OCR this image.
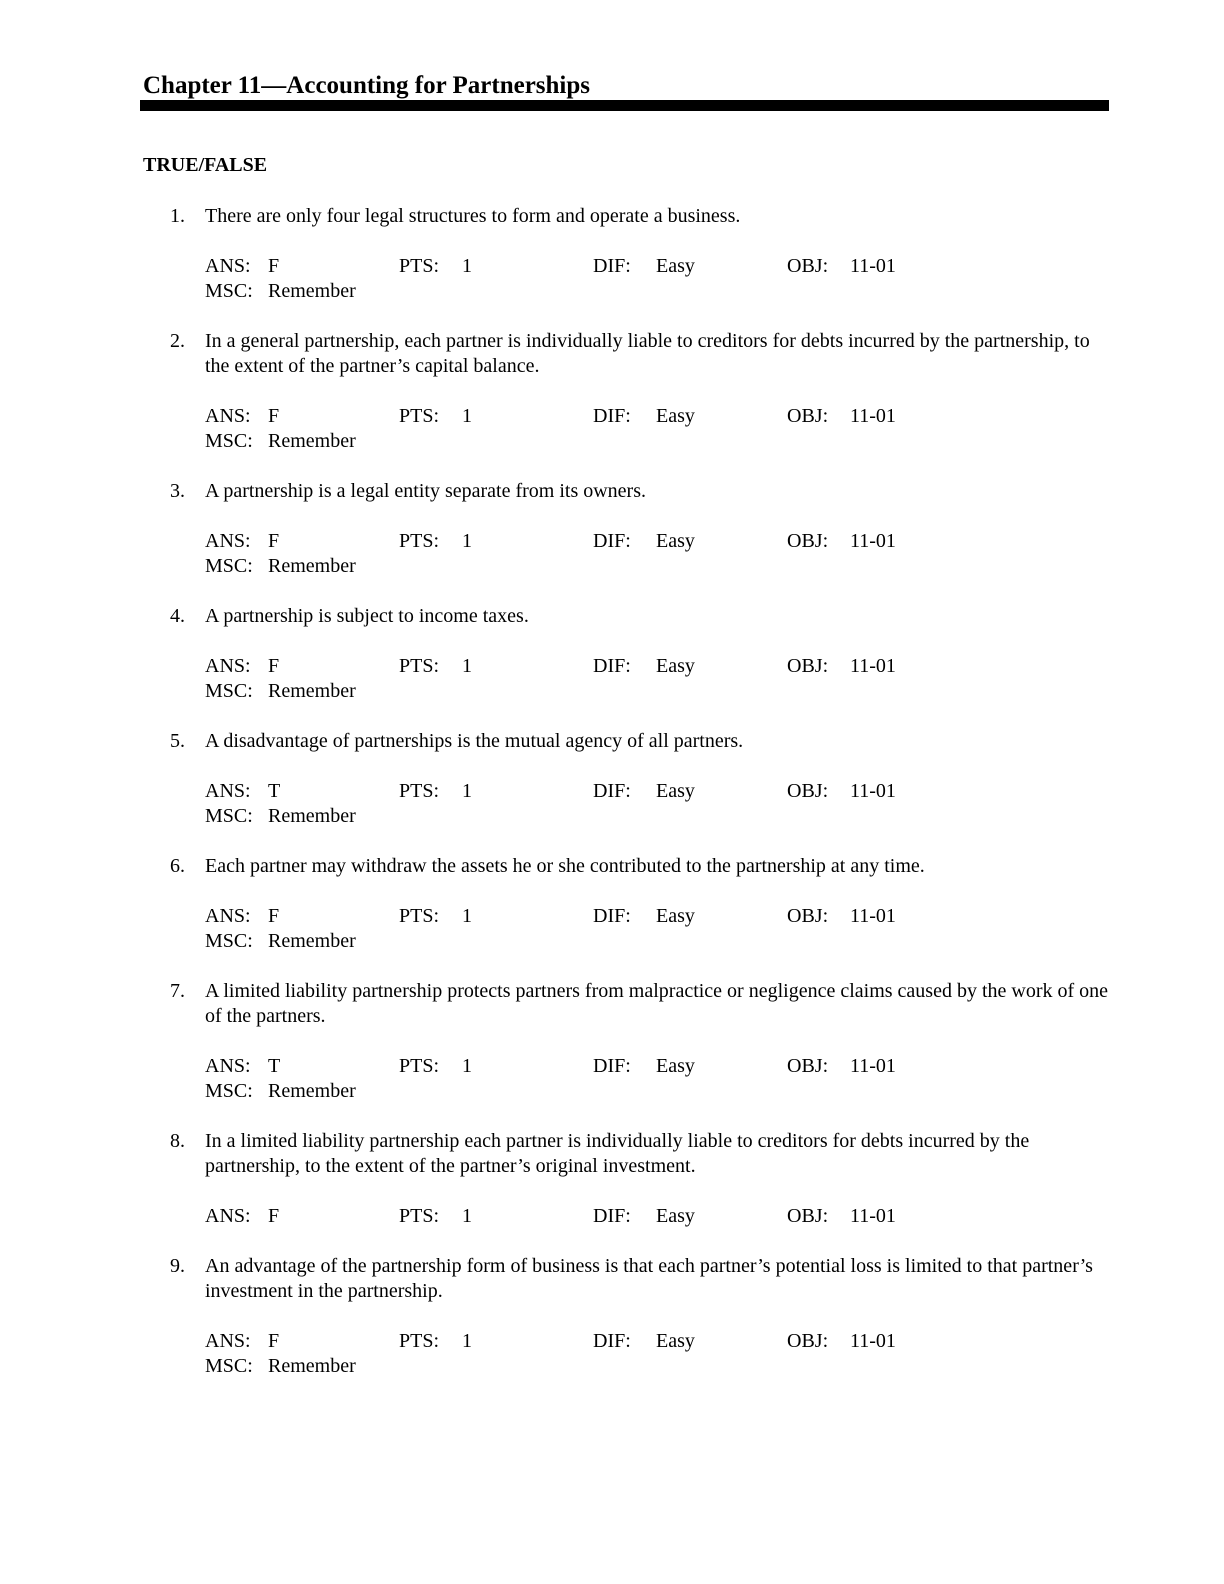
Chapter 11—Accounting for Partnerships
TRUE/FALSE
1.	There are only four legal structures to form and operate a business.
ANS: F	PTS: 1	DIF: Easy	OBJ: 11-01
MSC: Remember
2.	In a general partnership, each partner is individually liable to creditors for debts incurred by the partnership, to the extent of the partner’s capital balance.
ANS: F	PTS: 1	DIF: Easy	OBJ: 11-01
MSC: Remember
3.	A partnership is a legal entity separate from its owners.
ANS: F	PTS: 1	DIF: Easy	OBJ: 11-01
MSC: Remember
4.	A partnership is subject to income taxes.
ANS: F	PTS: 1	DIF: Easy	OBJ: 11-01
MSC: Remember
5.	A disadvantage of partnerships is the mutual agency of all partners.
ANS: T	PTS: 1	DIF: Easy	OBJ: 11-01
MSC: Remember
6.	Each partner may withdraw the assets he or she contributed to the partnership at any time.
ANS: F	PTS: 1	DIF: Easy	OBJ: 11-01
MSC: Remember
7.	A limited liability partnership protects partners from malpractice or negligence claims caused by the work of one of the partners.
ANS: T	PTS: 1	DIF: Easy	OBJ: 11-01
MSC: Remember
8.	In a limited liability partnership each partner is individually liable to creditors for debts incurred by the partnership, to the extent of the partner’s original investment.
ANS: F	PTS: 1	DIF: Easy	OBJ: 11-01
9.	An advantage of the partnership form of business is that each partner’s potential loss is limited to that partner’s investment in the partnership.
ANS: F	PTS: 1	DIF: Easy	OBJ: 11-01
MSC: Remember
